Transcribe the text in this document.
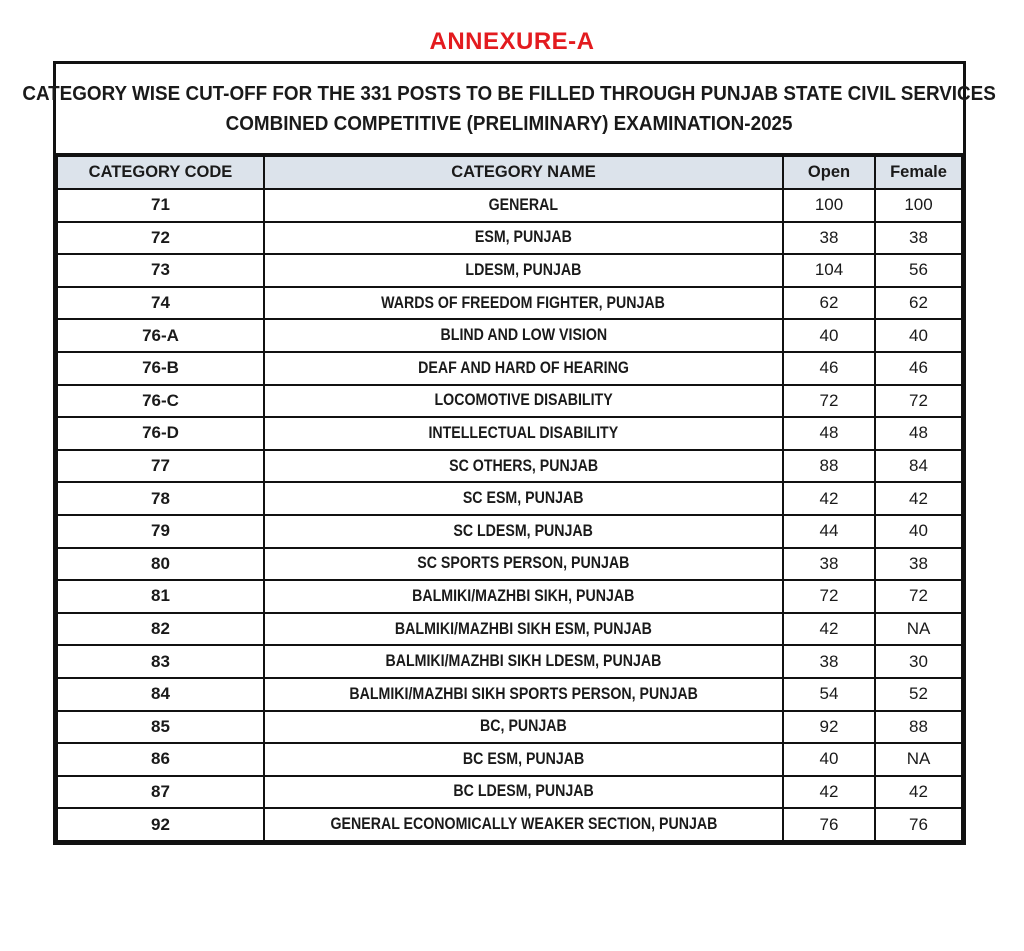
ANNEXURE-A
CATEGORY WISE CUT-OFF FOR THE 331 POSTS TO BE FILLED THROUGH PUNJAB STATE CIVIL SERVICES
COMBINED COMPETITIVE (PRELIMINARY) EXAMINATION-2025
CATEGORY CODE	CATEGORY NAME	Open	Female
71	GENERAL	100	100
72	ESM, PUNJAB	38	38
73	LDESM, PUNJAB	104	56
74	WARDS OF FREEDOM FIGHTER, PUNJAB	62	62
76-A	BLIND AND LOW VISION	40	40
76-B	DEAF AND HARD OF HEARING	46	46
76-C	LOCOMOTIVE DISABILITY	72	72
76-D	INTELLECTUAL DISABILITY	48	48
77	SC OTHERS, PUNJAB	88	84
78	SC ESM, PUNJAB	42	42
79	SC LDESM, PUNJAB	44	40
80	SC SPORTS PERSON, PUNJAB	38	38
81	BALMIKI/MAZHBI SIKH, PUNJAB	72	72
82	BALMIKI/MAZHBI SIKH ESM, PUNJAB	42	NA
83	BALMIKI/MAZHBI SIKH LDESM, PUNJAB	38	30
84	BALMIKI/MAZHBI SIKH SPORTS PERSON, PUNJAB	54	52
85	BC, PUNJAB	92	88
86	BC ESM, PUNJAB	40	NA
87	BC LDESM, PUNJAB	42	42
92	GENERAL ECONOMICALLY WEAKER SECTION, PUNJAB	76	76
